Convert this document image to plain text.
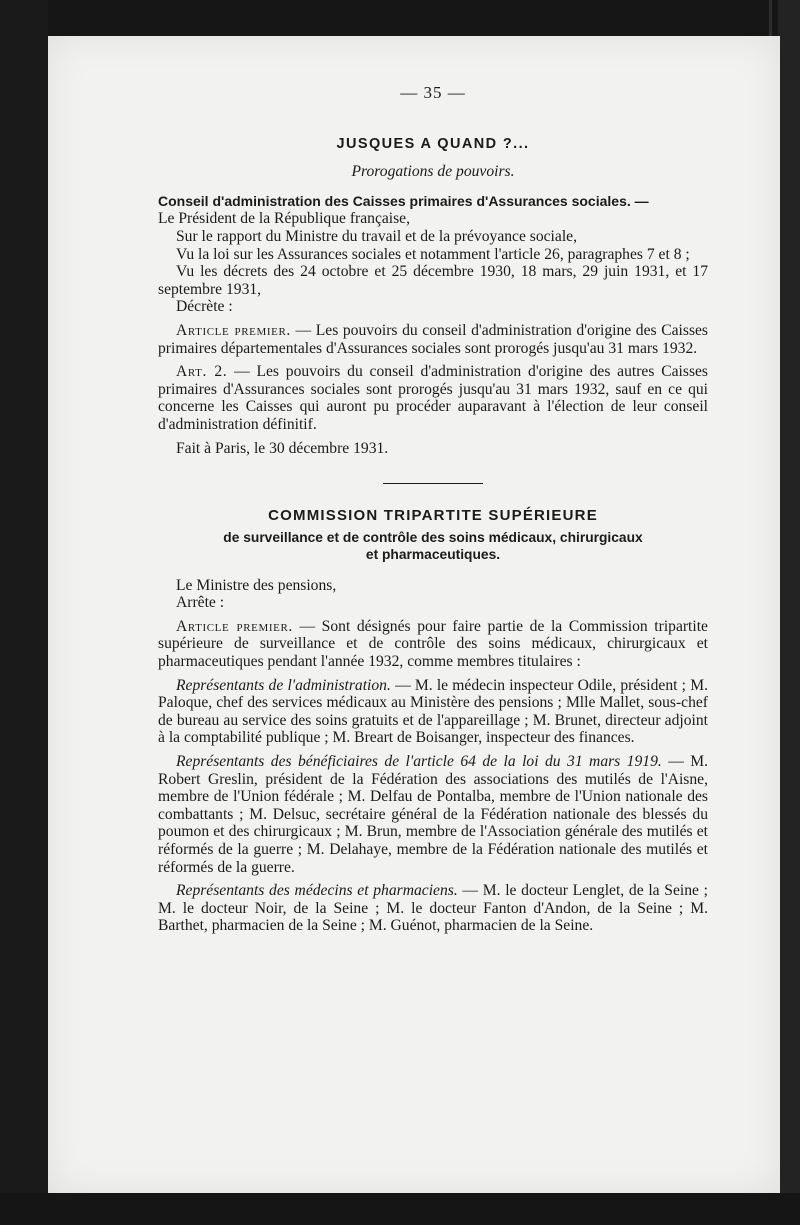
— 35 —

JUSQUES A QUAND ?...

Prorogations de pouvoirs.

Conseil d'administration des Caisses primaires d'Assurances sociales. —

Le Président de la République française,

Sur le rapport du Ministre du travail et de la prévoyance sociale,

Vu la loi sur les Assurances sociales et notamment l'article 26, paragraphes 7 et 8 ;

Vu les décrets des 24 octobre et 25 décembre 1930, 18 mars, 29 juin 1931, et 17 septembre 1931,

Décrète :

Article premier. — Les pouvoirs du conseil d'administration d'origine des Caisses primaires départementales d'Assurances sociales sont prorogés jusqu'au 31 mars 1932.

Art. 2. — Les pouvoirs du conseil d'administration d'origine des autres Caisses primaires d'Assurances sociales sont prorogés jusqu'au 31 mars 1932, sauf en ce qui concerne les Caisses qui auront pu procéder auparavant à l'élection de leur conseil d'administration définitif.

Fait à Paris, le 30 décembre 1931.

COMMISSION TRIPARTITE SUPÉRIEURE

de surveillance et de contrôle des soins médicaux, chirurgicaux
et pharmaceutiques.

Le Ministre des pensions,

Arrête :

Article premier. — Sont désignés pour faire partie de la Commission tripartite supérieure de surveillance et de contrôle des soins médicaux, chirurgicaux et pharmaceutiques pendant l'année 1932, comme membres titulaires :

Représentants de l'administration. — M. le médecin inspecteur Odile, président ; M. Paloque, chef des services médicaux au Ministère des pensions ; Mlle Mallet, sous-chef de bureau au service des soins gratuits et de l'appareillage ; M. Brunet, directeur adjoint à la comptabilité publique ; M. Breart de Boisanger, inspecteur des finances.

Représentants des bénéficiaires de l'article 64 de la loi du 31 mars 1919. — M. Robert Greslin, président de la Fédération des associations des mutilés de l'Aisne, membre de l'Union fédérale ; M. Delfau de Pontalba, membre de l'Union nationale des combattants ; M. Delsuc, secrétaire général de la Fédération nationale des blessés du poumon et des chirurgicaux ; M. Brun, membre de l'Association générale des mutilés et réformés de la guerre ; M. Delahaye, membre de la Fédération nationale des mutilés et réformés de la guerre.

Représentants des médecins et pharmaciens. — M. le docteur Lenglet, de la Seine ; M. le docteur Noir, de la Seine ; M. le docteur Fanton d'Andon, de la Seine ; M. Barthet, pharmacien de la Seine ; M. Guénot, pharmacien de la Seine.
